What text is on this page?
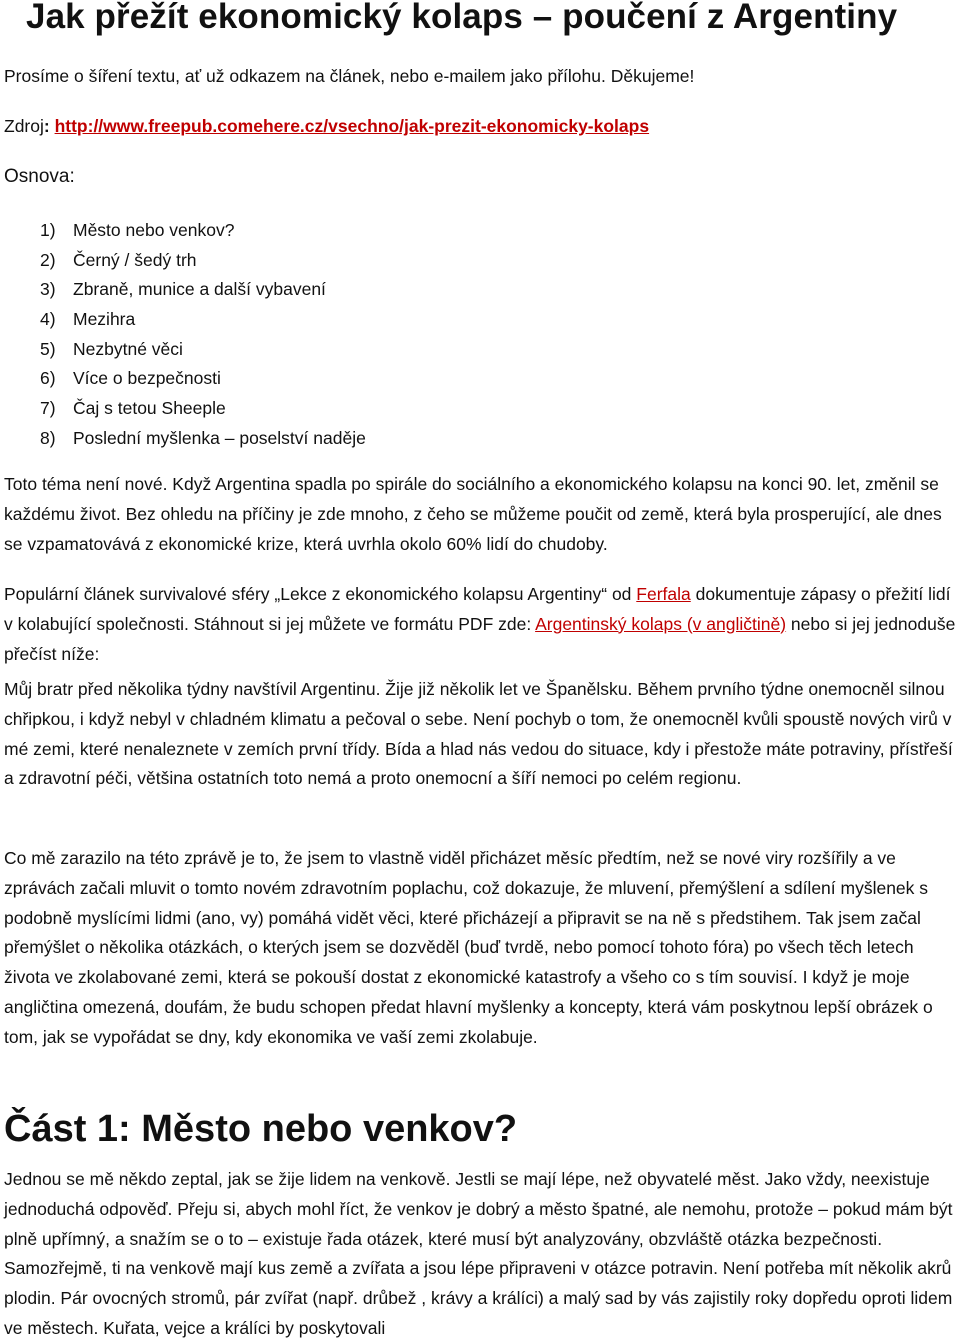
Jak přežít ekonomický kolaps – poučení z Argentiny
Prosíme o šíření textu, ať už odkazem na článek, nebo e-mailem jako přílohu. Děkujeme!
Zdroj: http://www.freepub.comehere.cz/vsechno/jak-prezit-ekonomicky-kolaps
Osnova:
1) Město nebo venkov?
2) Černý / šedý trh
3) Zbraně, munice a další vybavení
4) Mezihra
5) Nezbytné věci
6) Více o bezpečnosti
7) Čaj s tetou Sheeple
8) Poslední myšlenka – poselství naděje

Toto téma není nové. Když Argentina spadla po spirále do sociálního a ekonomického kolapsu na konci 90. let, změnil se každému život. Bez ohledu na příčiny je zde mnoho, z čeho se můžeme poučit od země, která byla prosperující, ale dnes se vzpamatovává z ekonomické krize, která uvrhla okolo 60% lidí do chudoby.

Populární článek survivalové sféry „Lekce z ekonomického kolapsu Argentiny“ od Ferfala dokumentuje zápasy o přežití lidí v kolabující společnosti. Stáhnout si jej můžete ve formátu PDF zde: Argentinský kolaps (v angličtině) nebo si jej jednoduše přečíst níže:

Můj bratr před několika týdny navštívil Argentinu. Žije již několik let ve Španělsku. Během prvního týdne onemocněl silnou chřipkou, i když nebyl v chladném klimatu a pečoval o sebe. Není pochyb o tom, že onemocněl kvůli spoustě nových virů v mé zemi, které nenaleznete v zemích první třídy. Bída a hlad nás vedou do situace, kdy i přestože máte potraviny, přístřeší a zdravotní péči, většina ostatních toto nemá a proto onemocní a šíří nemoci po celém regionu.

Co mě zarazilo na této zprávě je to, že jsem to vlastně viděl přicházet měsíc předtím, než se nové viry rozšířily a ve zprávách začali mluvit o tomto novém zdravotním poplachu, což dokazuje, že mluvení, přemýšlení a sdílení myšlenek s podobně myslícími lidmi (ano, vy) pomáhá vidět věci, které přicházejí a připravit se na ně s předstihem. Tak jsem začal přemýšlet o několika otázkách, o kterých jsem se dozvěděl (buď tvrdě, nebo pomocí tohoto fóra) po všech těch letech života ve zkolabované zemi, která se pokouší dostat z ekonomické katastrofy a všeho co s tím souvisí. I když je moje angličtina omezená, doufám, že budu schopen předat hlavní myšlenky a koncepty, která vám poskytnou lepší obrázek o tom, jak se vypořádat se dny, kdy ekonomika ve vaší zemi zkolabuje.

Část 1: Město nebo venkov?

Jednou se mě někdo zeptal, jak se žije lidem na venkově. Jestli se mají lépe, než obyvatelé měst. Jako vždy, neexistuje jednoduchá odpověď. Přeju si, abych mohl říct, že venkov je dobrý a město špatné, ale nemohu, protože – pokud mám být plně upřímný, a snažím se o to – existuje řada otázek, které musí být analyzovány, obzvláště otázka bezpečnosti. Samozřejmě, ti na venkově mají kus země a zvířata a jsou lépe připraveni v otázce potravin. Není potřeba mít několik akrů plodin. Pár ovocných stromů, pár zvířat (např. drůbež , krávy a králíci) a malý sad by vás zajistily roky dopředu oproti lidem ve městech. Kuřata, vejce a králíci by poskytovali
